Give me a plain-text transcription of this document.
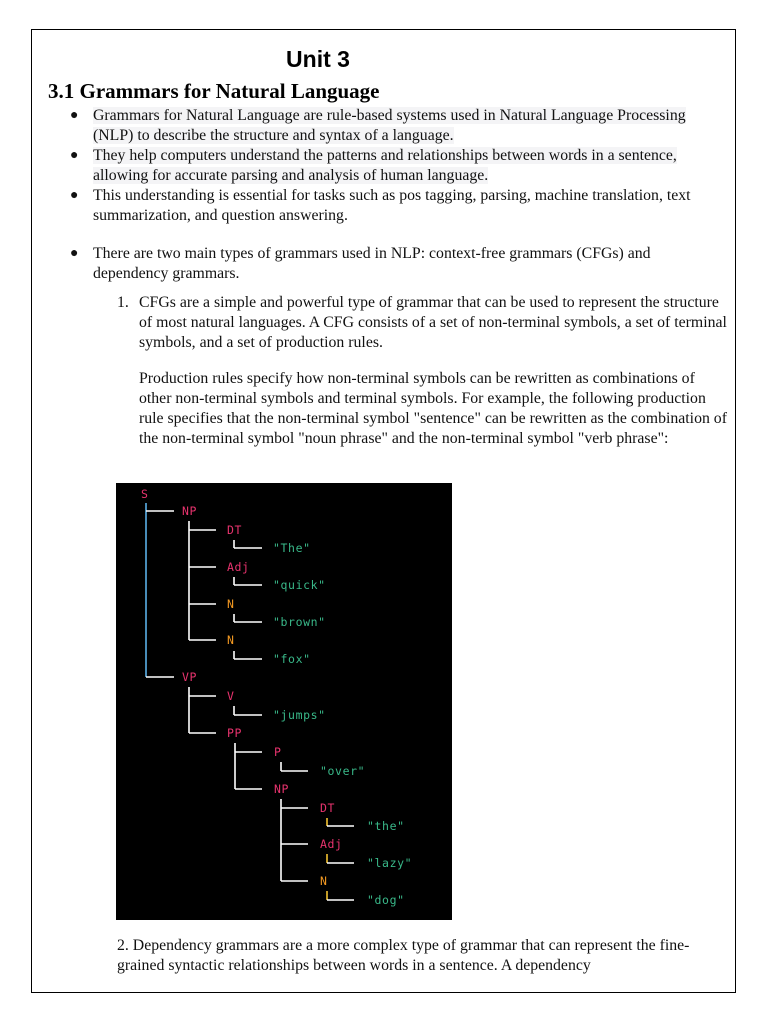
Unit 3
3.1 Grammars for Natural Language
● Grammars for Natural Language are rule-based systems used in Natural Language Processing (NLP) to describe the structure and syntax of a language.
● They help computers understand the patterns and relationships between words in a sentence, allowing for accurate parsing and analysis of human language.
● This understanding is essential for tasks such as pos tagging, parsing, machine translation, text summarization, and question answering.
● There are two main types of grammars used in NLP: context-free grammars (CFGs) and dependency grammars.
1. CFGs are a simple and powerful type of grammar that can be used to represent the structure of most natural languages. A CFG consists of a set of non-terminal symbols, a set of terminal symbols, and a set of production rules.
Production rules specify how non-terminal symbols can be rewritten as combinations of other non-terminal symbols and terminal symbols. For example, the following production rule specifies that the non-terminal symbol "sentence" can be rewritten as the combination of the non-terminal symbol "noun phrase" and the non-terminal symbol "verb phrase":
S
NP
DT
"The"
Adj
"quick"
N
"brown"
N
"fox"
VP
V
"jumps"
PP
P
"over"
NP
DT
"the"
Adj
"lazy"
N
"dog"
2. Dependency grammars are a more complex type of grammar that can represent the fine-grained syntactic relationships between words in a sentence. A dependency
